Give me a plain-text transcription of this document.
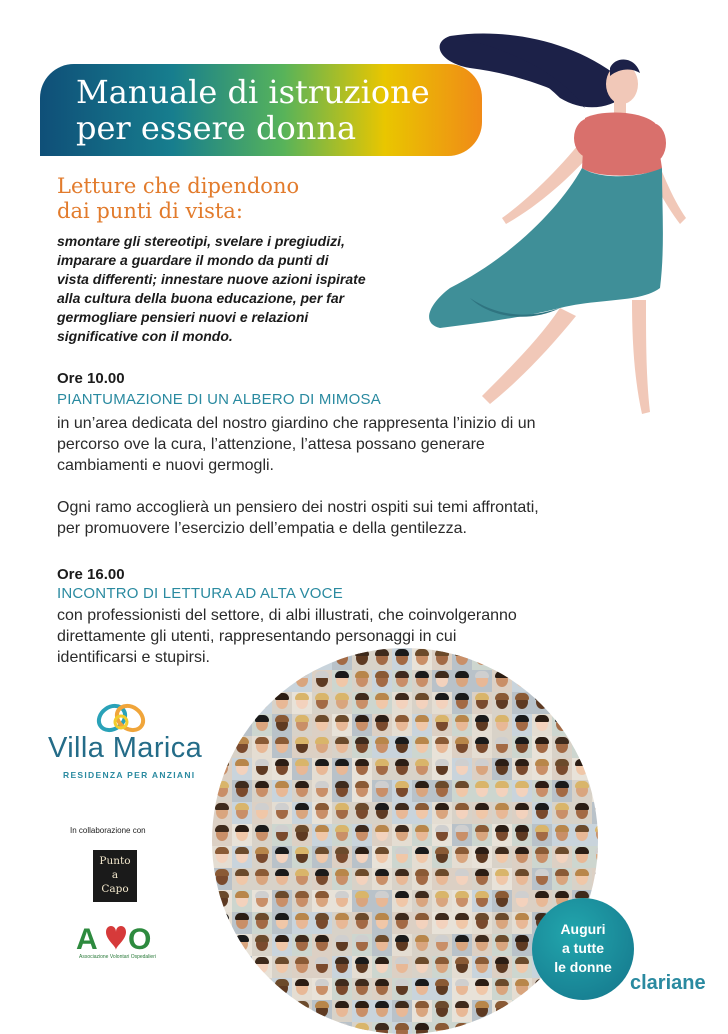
Manuale di istruzione
per essere donna
Letture che dipendono
dai punti di vista:
smontare gli stereotipi, svelare i pregiudizi,
imparare a guardare il mondo da punti di
vista differenti; innestare nuove azioni ispirate
alla cultura della buona educazione, per far
germogliare pensieri nuovi e relazioni
significative con il mondo.
Ore 10.00
PIANTUMAZIONE DI UN ALBERO DI MIMOSA
in un’area dedicata del nostro giardino che rappresenta l’inizio di un
percorso ove la cura, l’attenzione, l’attesa possano generare
cambiamenti e nuovi germogli.
Ogni ramo accoglierà un pensiero dei nostri ospiti sui temi affrontati,
per promuovere l’esercizio dell’empatia e della gentilezza.
Ore 16.00
INCONTRO DI LETTURA AD ALTA VOCE
con professionisti del settore, di albi illustrati, che coinvolgeranno
direttamente gli utenti, rappresentando personaggi in cui
identificarsi e stupirsi.
Villa Marica
RESIDENZA PER ANZIANI
In collaborazione con
Punto
a
Capo
A O
Associazione Volontari Ospedalieri
Auguri
a tutte
le donne
clariane
